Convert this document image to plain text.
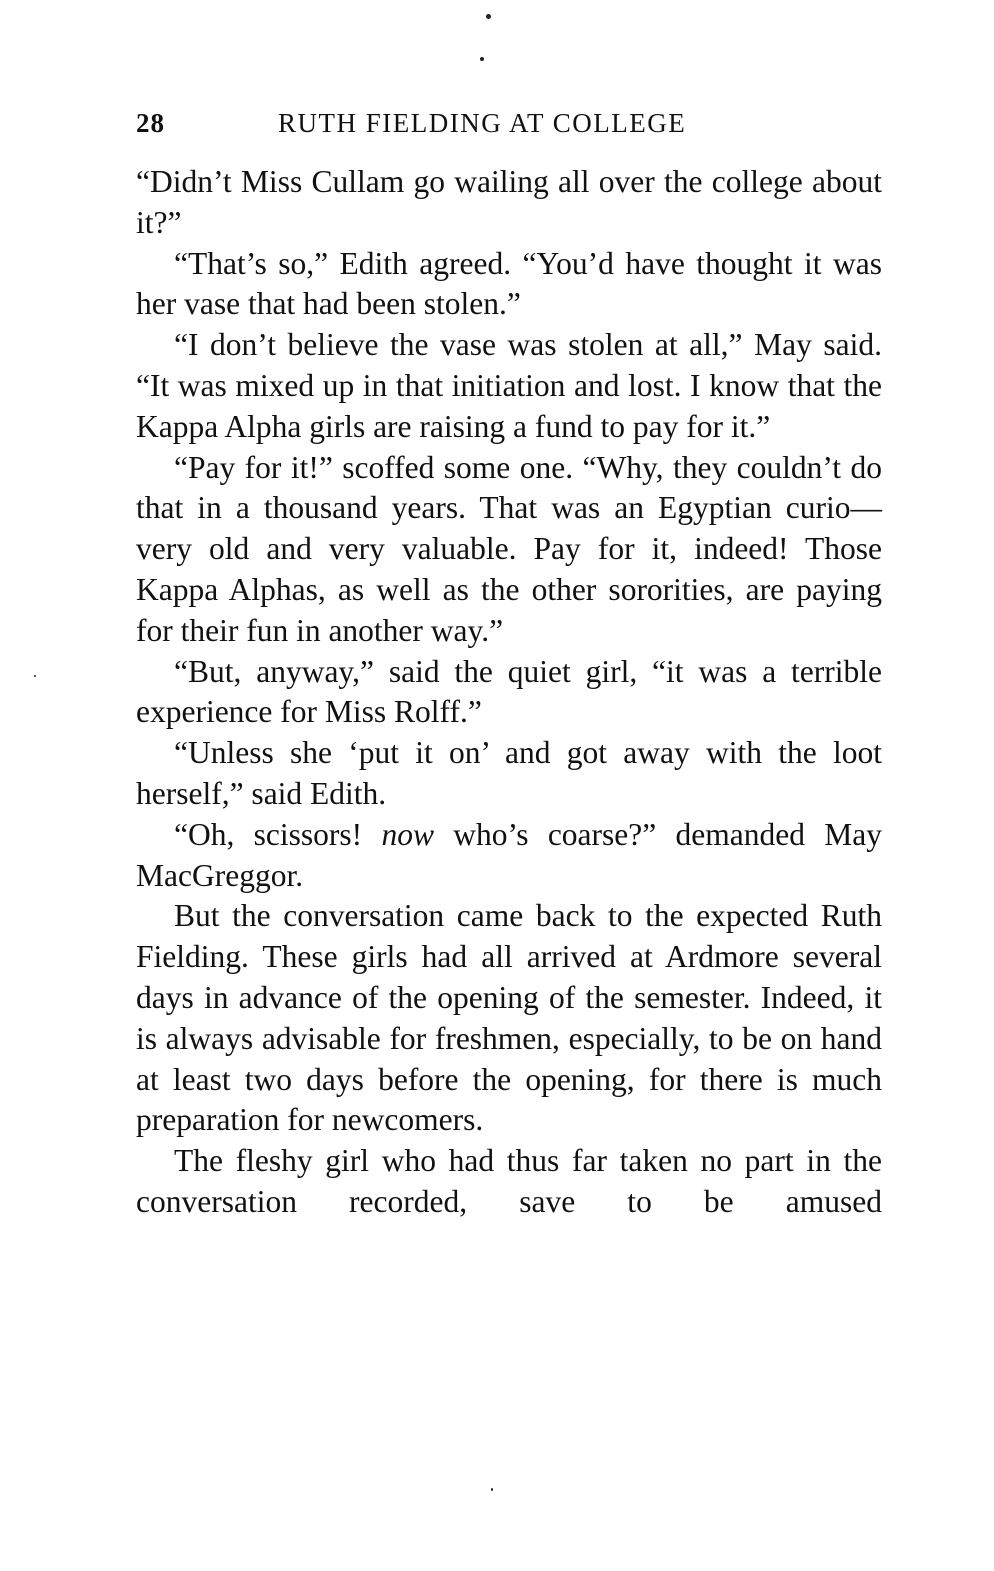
28	RUTH FIELDING AT COLLEGE

“Didn’t Miss Cullam go wailing all over the college about it?”

“That’s so,” Edith agreed. “You’d have thought it was her vase that had been stolen.”

“I don’t believe the vase was stolen at all,” May said. “It was mixed up in that initiation and lost. I know that the Kappa Alpha girls are raising a fund to pay for it.”

“Pay for it!” scoffed some one. “Why, they couldn’t do that in a thousand years. That was an Egyptian curio—very old and very valuable. Pay for it, indeed! Those Kappa Alphas, as well as the other sororities, are paying for their fun in another way.”

“But, anyway,” said the quiet girl, “it was a terrible experience for Miss Rolff.”

“Unless she ‘put it on’ and got away with the loot herself,” said Edith.

“Oh, scissors! now who’s coarse?” demanded May MacGreggor.

But the conversation came back to the expected Ruth Fielding. These girls had all arrived at Ardmore several days in advance of the opening of the semester. Indeed, it is always advisable for freshmen, especially, to be on hand at least two days before the opening, for there is much preparation for newcomers.

The fleshy girl who had thus far taken no part in the conversation recorded, save to be amused
